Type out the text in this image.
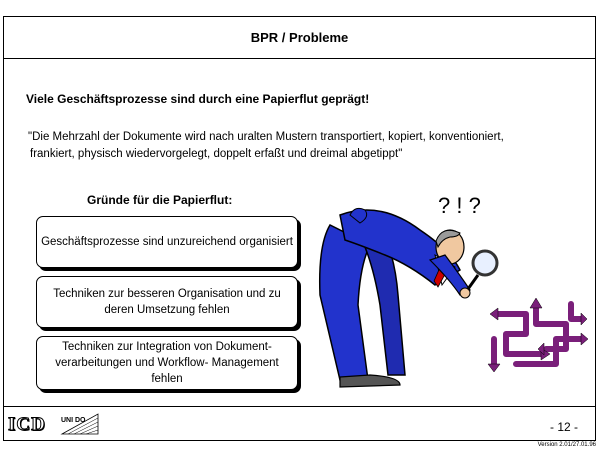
BPR / Probleme
Viele Geschäftsprozesse sind durch eine Papierflut geprägt!
"Die Mehrzahl der Dokumente wird nach uralten Mustern transportiert, kopiert, konventioniert,
frankiert, physisch wiedervorgelegt, doppelt erfaßt und dreimal abgetippt"
Gründe für die Papierflut:
Geschäftsprozesse sind unzureichend organisiert
Techniken zur besseren Organisation und zu deren Umsetzung fehlen
Techniken zur Integration von Dokument-verarbeitungen und Workflow- Management fehlen
? ! ?
ICD UNI DO	- 12 -
Version 2.01/27.01.96
